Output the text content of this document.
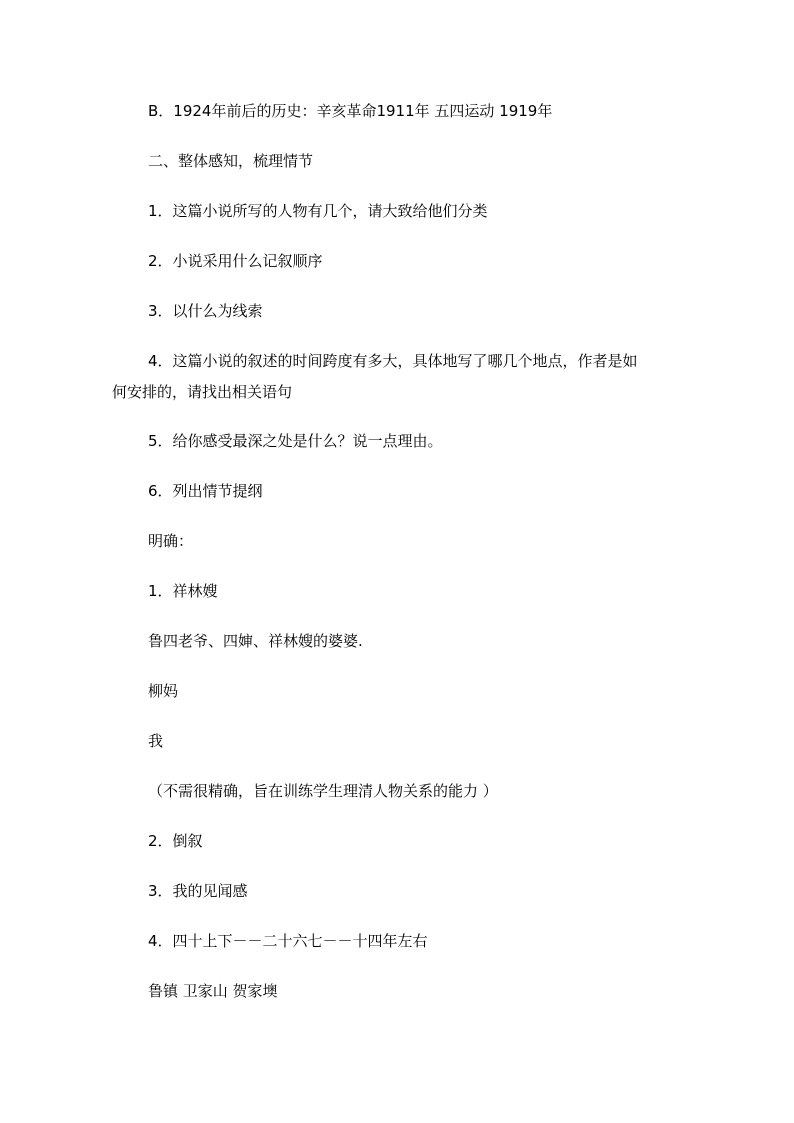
B．1924年前后的历史：辛亥革命1911年 五四运动 1919年
二、整体感知，梳理情节
1．这篇小说所写的人物有几个，请大致给他们分类
2．小说采用什么记叙顺序
3．以什么为线索
4．这篇小说的叙述的时间跨度有多大，具体地写了哪几个地点，作者是如
何安排的，请找出相关语句
5．给你感受最深之处是什么？说一点理由。
6．列出情节提纲
明确：
1．祥林嫂
鲁四老爷、四婶、祥林嫂的婆婆.
柳妈
我
（不需很精确，旨在训练学生理清人物关系的能力 ）
2．倒叙
3．我的见闻感
4．四十上下－－二十六七－－十四年左右
鲁镇 卫家山 贺家墺
